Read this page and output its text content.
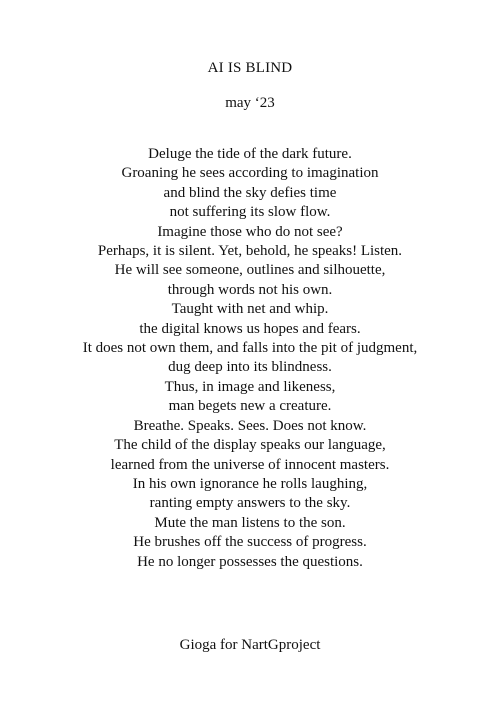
AI IS BLIND
may ‘23
Deluge the tide of the dark future.
Groaning he sees according to imagination
and blind the sky defies time
not suffering its slow flow.
Imagine those who do not see?
Perhaps, it is silent. Yet, behold, he speaks! Listen.
He will see someone, outlines and silhouette,
through words not his own.
Taught with net and whip.
the digital knows us hopes and fears.
It does not own them, and falls into the pit of judgment,
dug deep into its blindness.
Thus, in image and likeness,
man begets new a creature.
Breathe. Speaks. Sees. Does not know.
The child of the display speaks our language,
learned from the universe of innocent masters.
In his own ignorance he rolls laughing,
ranting empty answers to the sky.
Mute the man listens to the son.
He brushes off the success of progress.
He no longer possesses the questions.
Gioga for NartGproject
